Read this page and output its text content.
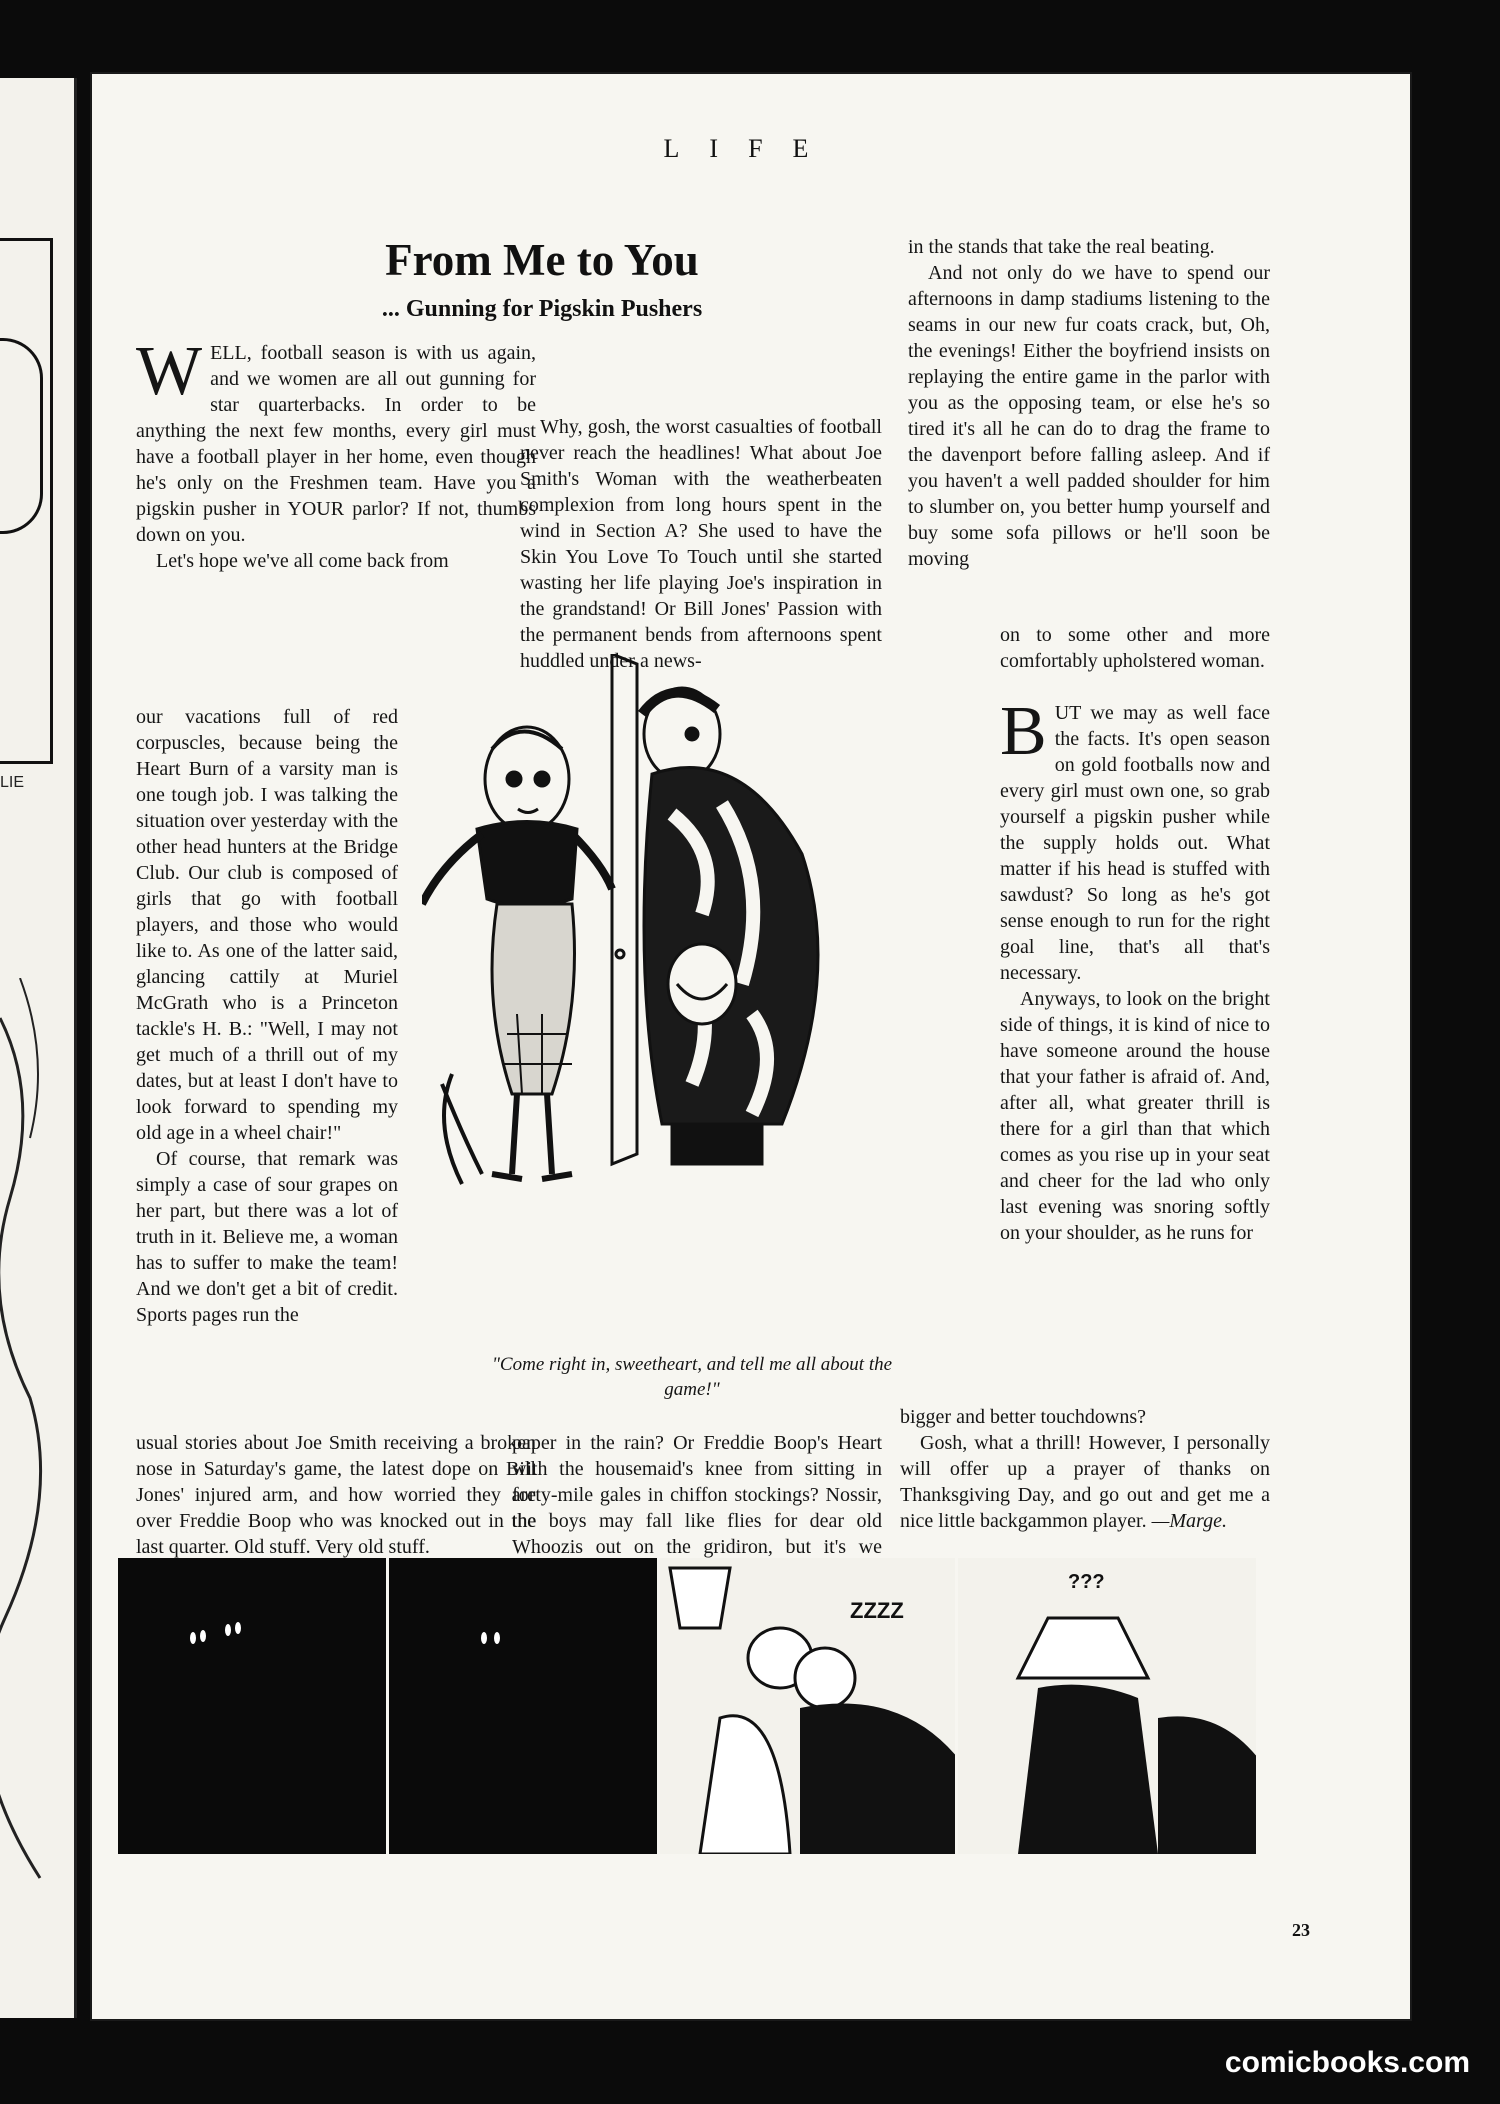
LIE
LIFE
From Me to You
... Gunning for Pigskin Pushers

WELL, football season is with us again, and we women are all out gunning for star quarterbacks. In order to be anything the next few months, every girl must have a football player in her home, even though he's only on the Freshmen team. Have you a pigskin pusher in YOUR parlor? If not, thumbs down on you.

Let's hope we've all come back from

our vacations full of red corpuscles, because being the Heart Burn of a varsity man is one tough job. I was talking the situation over yesterday with the other head hunters at the Bridge Club. Our club is composed of girls that go with football players, and those who would like to. As one of the latter said, glancing cattily at Muriel McGrath who is a Princeton tackle's H. B.: "Well, I may not get much of a thrill out of my dates, but at least I don't have to look forward to spending my old age in a wheel chair!"

Of course, that remark was simply a case of sour grapes on her part, but there was a lot of truth in it. Believe me, a woman has to suffer to make the team! And we don't get a bit of credit. Sports pages run the

usual stories about Joe Smith receiving a broken nose in Saturday's game, the latest dope on Bill Jones' injured arm, and how worried they are over Freddie Boop who was knocked out in the last quarter. Old stuff. Very old stuff.

Why, gosh, the worst casualties of football never reach the headlines! What about Joe Smith's Woman with the weatherbeaten complexion from long hours spent in the wind in Section A? She used to have the Skin You Love To Touch until she started wasting her life playing Joe's inspiration in the grandstand! Or Bill Jones' Passion with the permanent bends from afternoons spent huddled under a news-

paper in the rain? Or Freddie Boop's Heart with the housemaid's knee from sitting in forty-mile gales in chiffon stockings? Nossir, the boys may fall like flies for dear old Whoozis out on the gridiron, but it's we

in the stands that take the real beating.

And not only do we have to spend our afternoons in damp stadiums listening to the seams in our new fur coats crack, but, Oh, the evenings! Either the boyfriend insists on replaying the entire game in the parlor with you as the opposing team, or else he's so tired it's all he can do to drag the frame to the davenport before falling asleep. And if you haven't a well padded shoulder for him to slumber on, you better hump yourself and buy some sofa pillows or he'll soon be moving

on to some other and more comfortably upholstered woman.

BUT we may as well face the facts. It's open season on gold footballs now and every girl must own one, so grab yourself a pigskin pusher while the supply holds out. What matter if his head is stuffed with sawdust? So long as he's got sense enough to run for the right goal line, that's all that's necessary.

Anyways, to look on the bright side of things, it is kind of nice to have someone around the house that your father is afraid of. And, after all, what greater thrill is there for a girl than that which comes as you rise up in your seat and cheer for the lad who only last evening was snoring softly on your shoulder, as he runs for

bigger and better touchdowns?

Gosh, what a thrill! However, I personally will offer up a prayer of thanks on Thanksgiving Day, and go out and get me a nice little backgammon player. —Marge.

"Come right in, sweetheart, and tell me all about the game!"
ZZZZ
???
23
comicbooks.com
